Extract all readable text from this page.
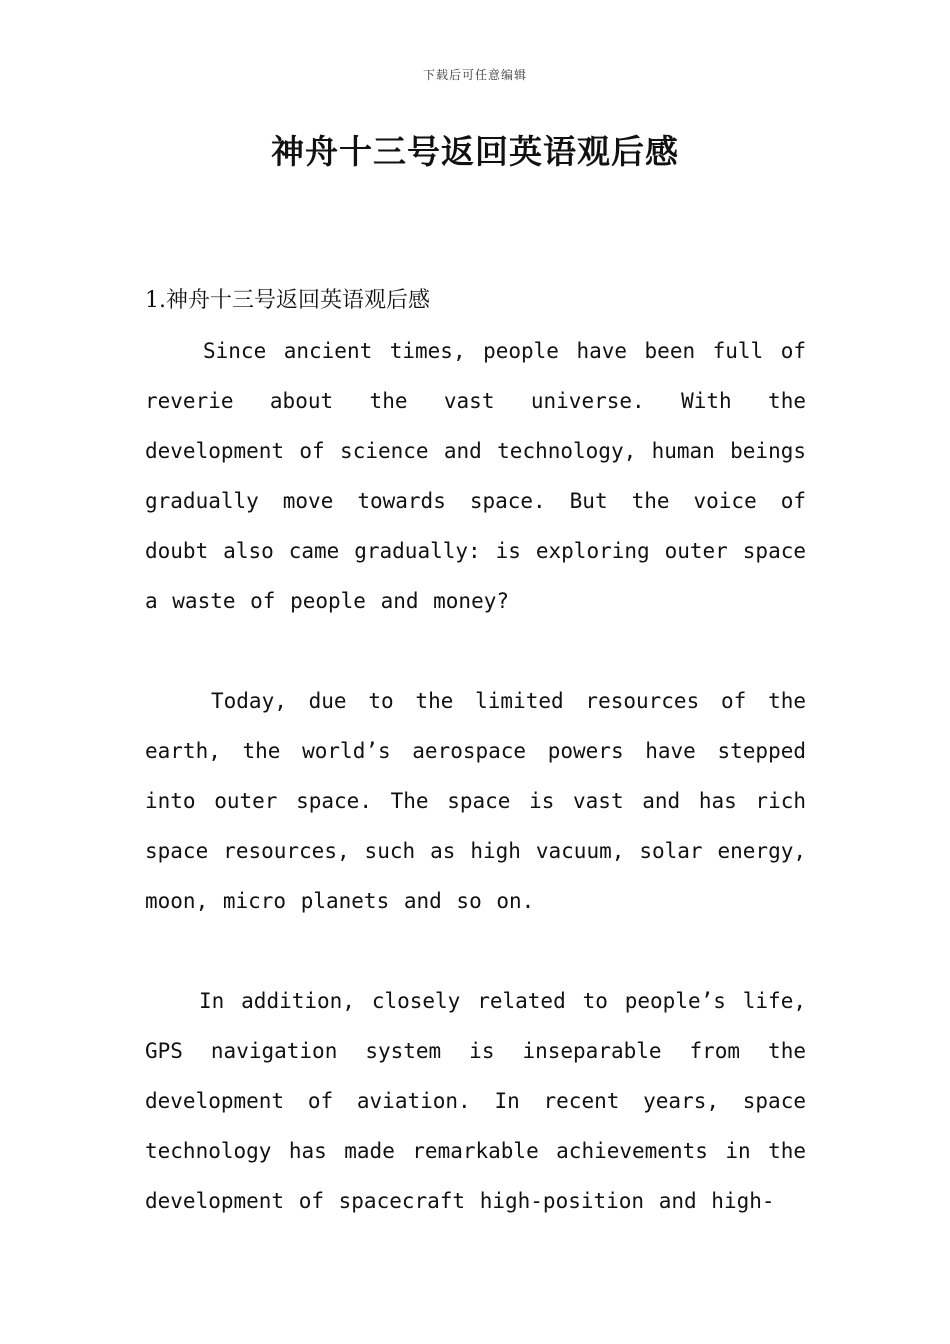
下载后可任意编辑
神舟十三号返回英语观后感
1.神舟十三号返回英语观后感

Since ancient times, people have been full of reverie about the vast universe. With the development of science and technology, human beings gradually move towards space. But the voice of doubt also came gradually: is exploring outer space a waste of people and money?

Today, due to the limited resources of the earth, the world’s aerospace powers have stepped into outer space. The space is vast and has rich space resources, such as high vacuum, solar energy, moon, micro planets and so on.

In addition, closely related to people’s life, GPS navigation system is inseparable from the development of aviation. In recent years, space technology has made remarkable achievements in the development of spacecraft high-position and high-
